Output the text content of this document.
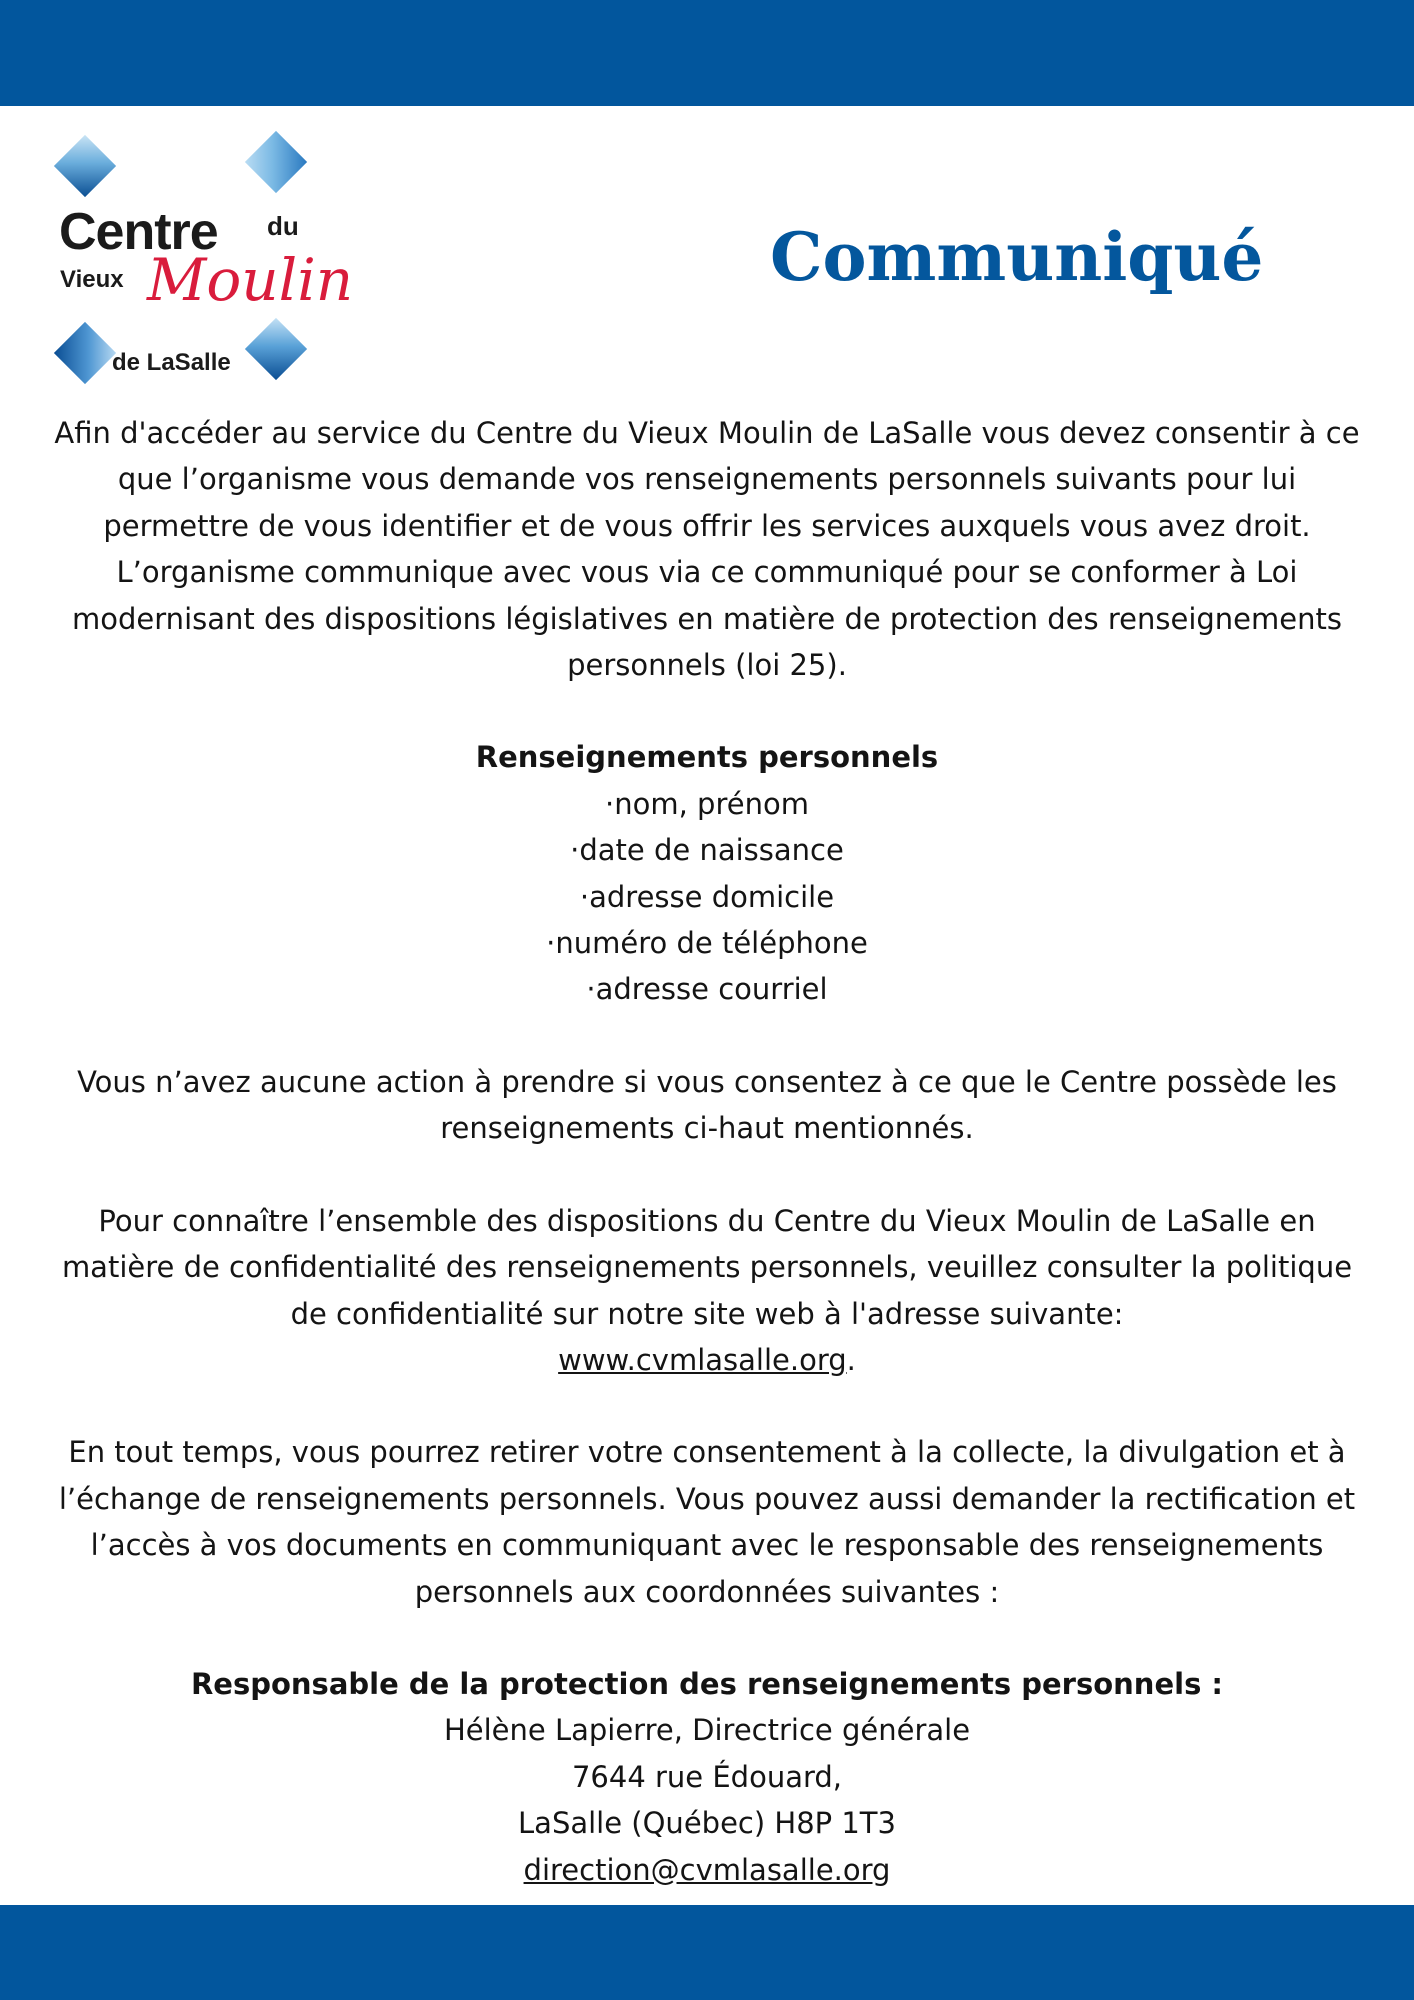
Centre du
Vieux Moulin
de LaSalle
Communiqué

Afin d'accéder au service du Centre du Vieux Moulin de LaSalle vous devez consentir à ce que l’organisme vous demande vos renseignements personnels suivants pour lui permettre de vous identifier et de vous offrir les services auxquels vous avez droit. L’organisme communique avec vous via ce communiqué pour se conformer à Loi modernisant des dispositions législatives en matière de protection des renseignements personnels (loi 25).

Renseignements personnels

· nom, prénom
· date de naissance
· adresse domicile
· numéro de téléphone
· adresse courriel

Vous n’avez aucune action à prendre si vous consentez à ce que le Centre possède les renseignements ci-haut mentionnés.

Pour connaître l’ensemble des dispositions du Centre du Vieux Moulin de LaSalle en matière de confidentialité des renseignements personnels, veuillez consulter la politique de confidentialité sur notre site web à l'adresse suivante:
www.cvmlasalle.org.

En tout temps, vous pourrez retirer votre consentement à la collecte, la divulgation et à l’échange de renseignements personnels. Vous pouvez aussi demander la rectification et l’accès à vos documents en communiquant avec le responsable des renseignements personnels aux coordonnées suivantes :

Responsable de la protection des renseignements personnels :

Hélène Lapierre, Directrice générale

7644 rue Édouard,

LaSalle (Québec) H8P 1T3

direction@cvmlasalle.org
